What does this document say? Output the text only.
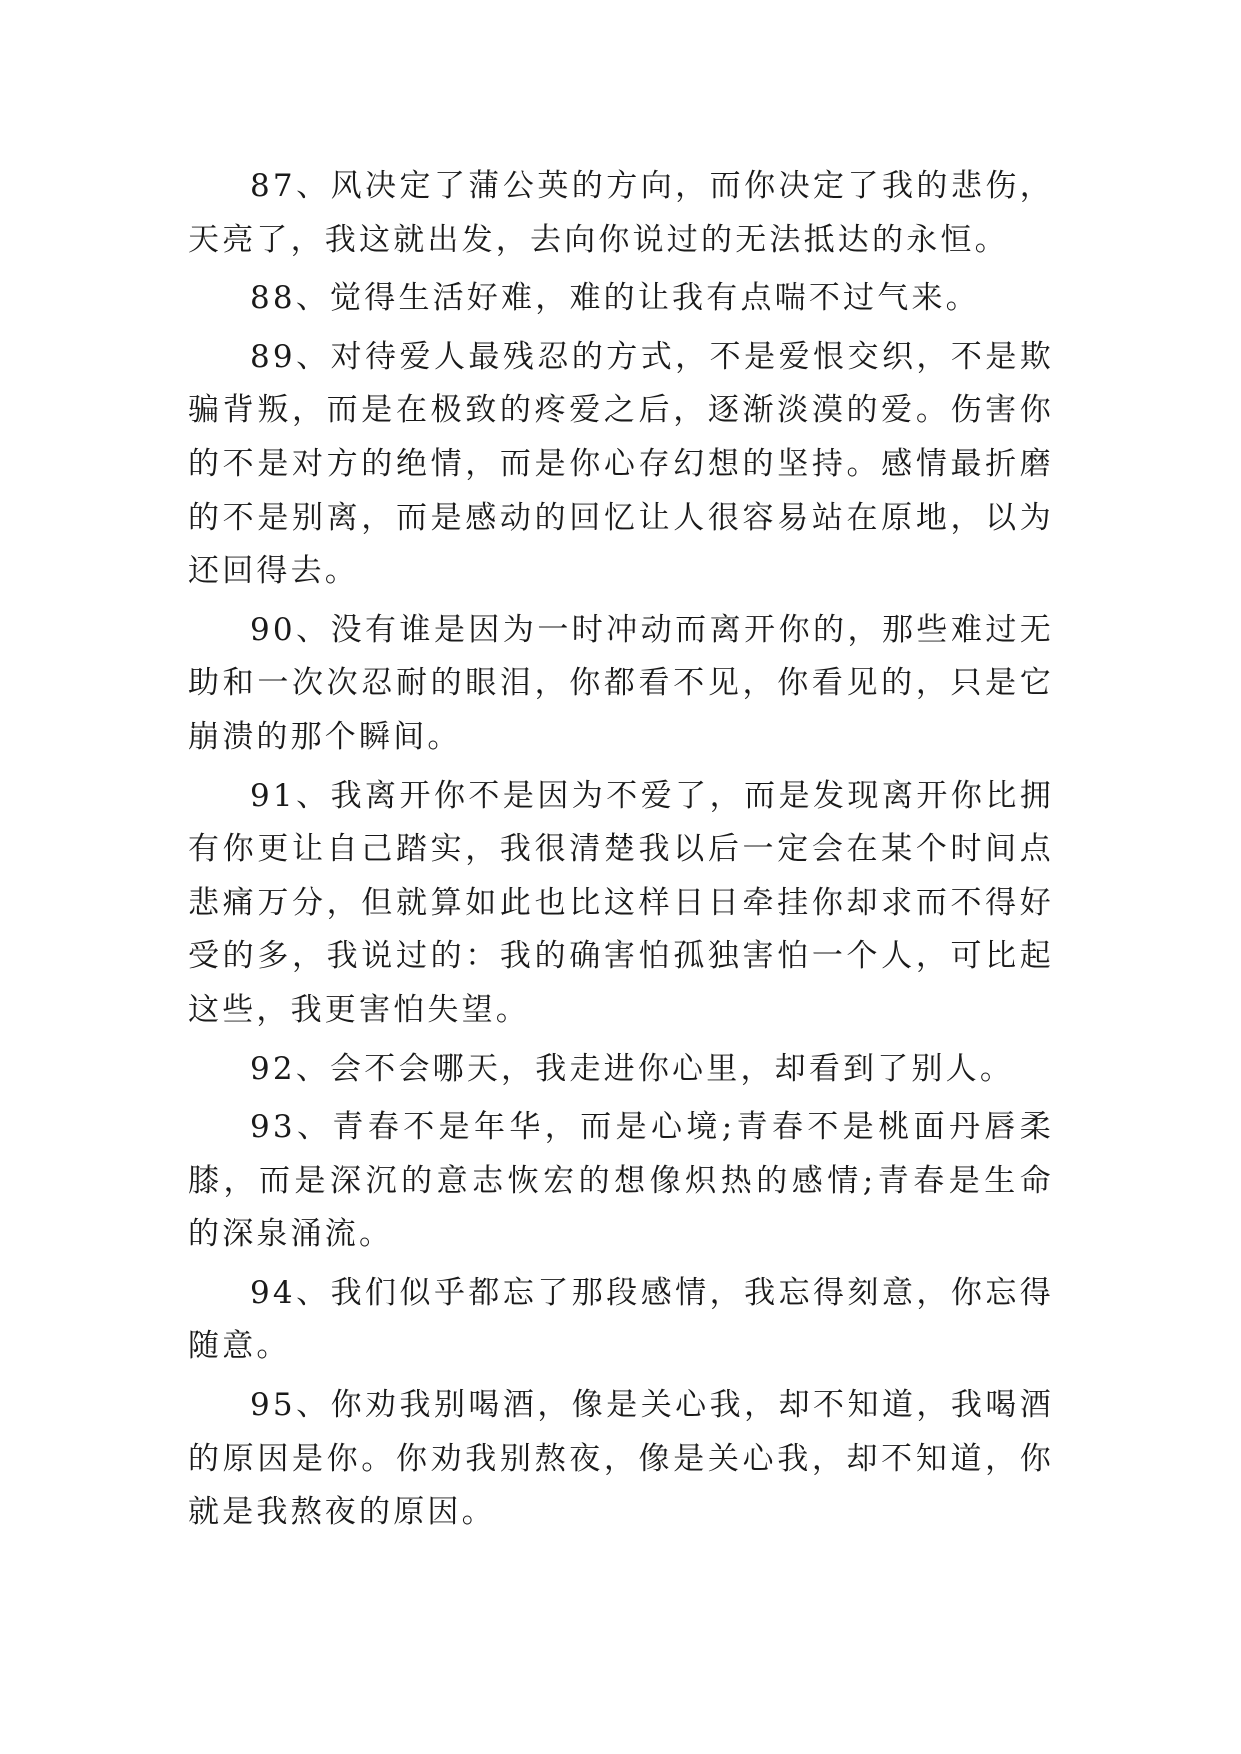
87、风决定了蒲公英的方向，而你决定了我的悲伤，天亮了，我这就出发，去向你说过的无法抵达的永恒。

88、觉得生活好难，难的让我有点喘不过气来。

89、对待爱人最残忍的方式，不是爱恨交织，不是欺骗背叛，而是在极致的疼爱之后，逐渐淡漠的爱。伤害你的不是对方的绝情，而是你心存幻想的坚持。感情最折磨的不是别离，而是感动的回忆让人很容易站在原地，以为还回得去。

90、没有谁是因为一时冲动而离开你的，那些难过无助和一次次忍耐的眼泪，你都看不见，你看见的，只是它崩溃的那个瞬间。

91、我离开你不是因为不爱了，而是发现离开你比拥有你更让自己踏实，我很清楚我以后一定会在某个时间点悲痛万分，但就算如此也比这样日日牵挂你却求而不得好受的多，我说过的：我的确害怕孤独害怕一个人，可比起这些，我更害怕失望。

92、会不会哪天，我走进你心里，却看到了别人。

93、青春不是年华，而是心境;青春不是桃面丹唇柔膝，而是深沉的意志恢宏的想像炽热的感情;青春是生命的深泉涌流。

94、我们似乎都忘了那段感情，我忘得刻意，你忘得随意。

95、你劝我别喝酒，像是关心我，却不知道，我喝酒的原因是你。你劝我别熬夜，像是关心我，却不知道，你就是我熬夜的原因。
